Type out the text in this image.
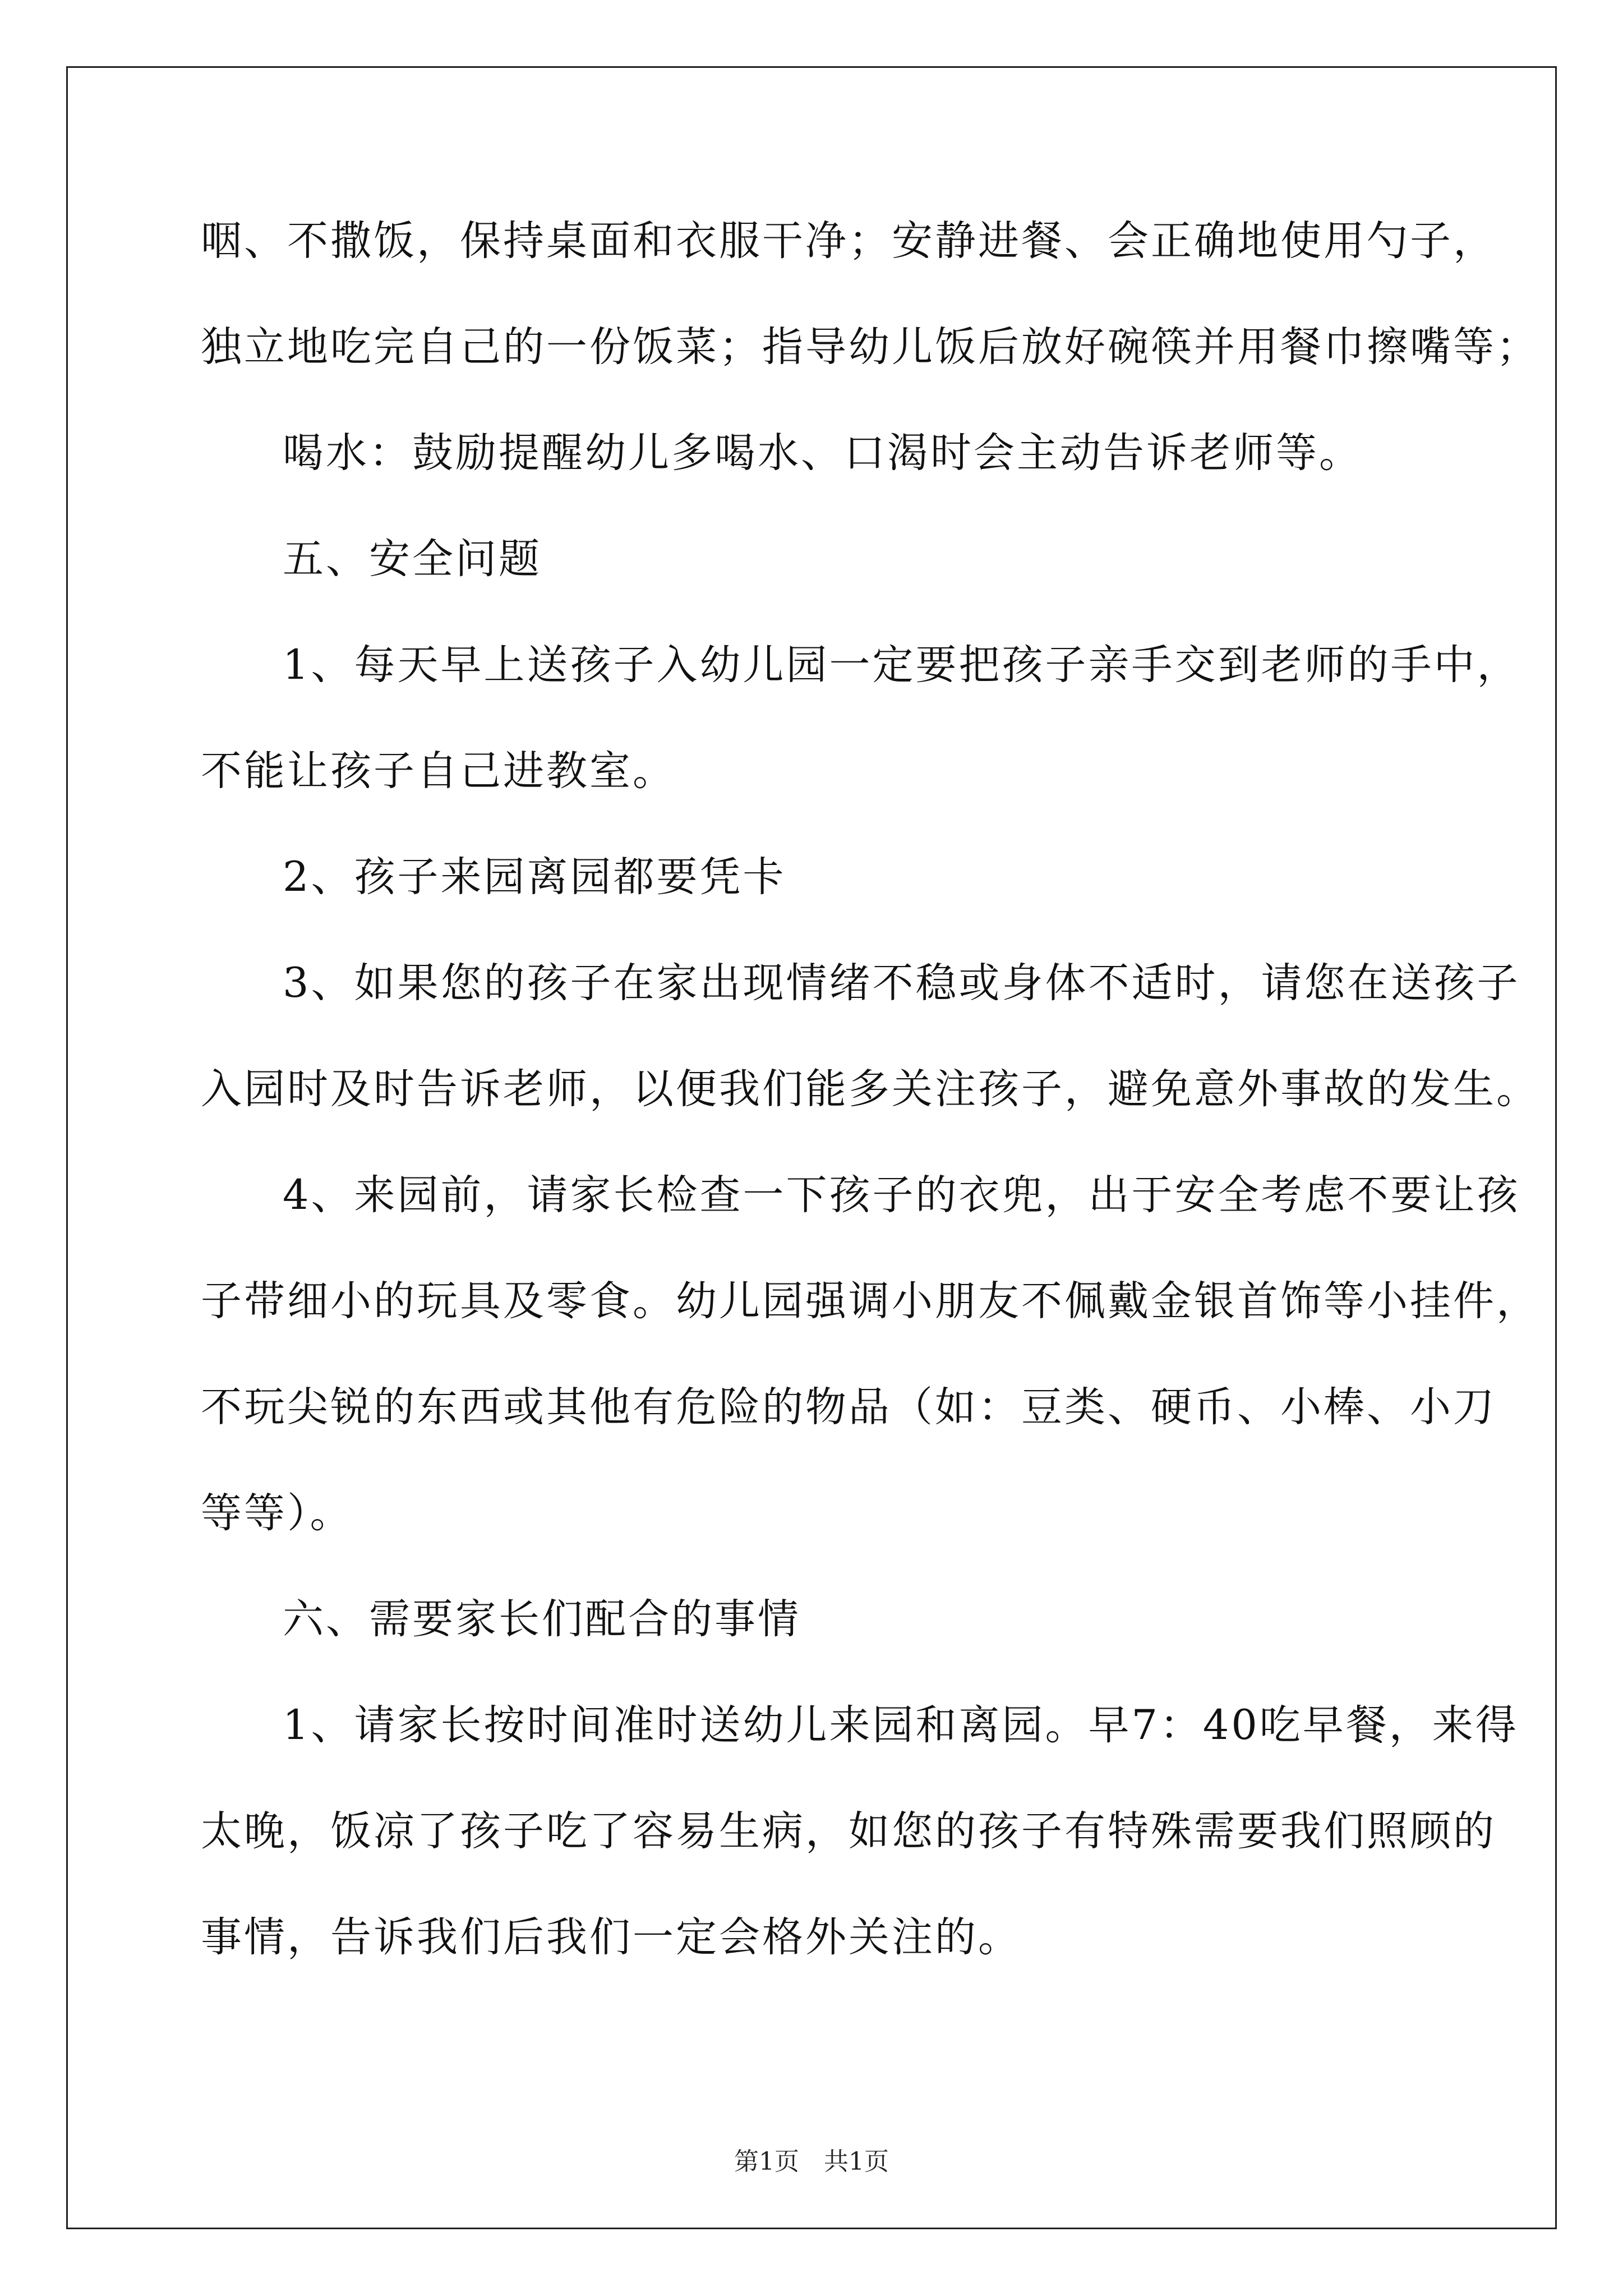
咽、不撒饭，保持桌面和衣服干净；安静进餐、会正确地使用勺子，
独立地吃完自己的一份饭菜；指导幼儿饭后放好碗筷并用餐巾擦嘴等；
喝水：鼓励提醒幼儿多喝水、口渴时会主动告诉老师等。
五、安全问题
1、每天早上送孩子入幼儿园一定要把孩子亲手交到老师的手中，
不能让孩子自己进教室。
2、孩子来园离园都要凭卡
3、如果您的孩子在家出现情绪不稳或身体不适时，请您在送孩子
入园时及时告诉老师，以便我们能多关注孩子，避免意外事故的发生。
4、来园前，请家长检查一下孩子的衣兜，出于安全考虑不要让孩
子带细小的玩具及零食。幼儿园强调小朋友不佩戴金银首饰等小挂件，
不玩尖锐的东西或其他有危险的物品（如：豆类、硬币、小棒、小刀
等等）。
六、需要家长们配合的事情
1、请家长按时间准时送幼儿来园和离园。早7：40吃早餐，来得
太晚，饭凉了孩子吃了容易生病，如您的孩子有特殊需要我们照顾的
事情，告诉我们后我们一定会格外关注的。
第1页　共1页
